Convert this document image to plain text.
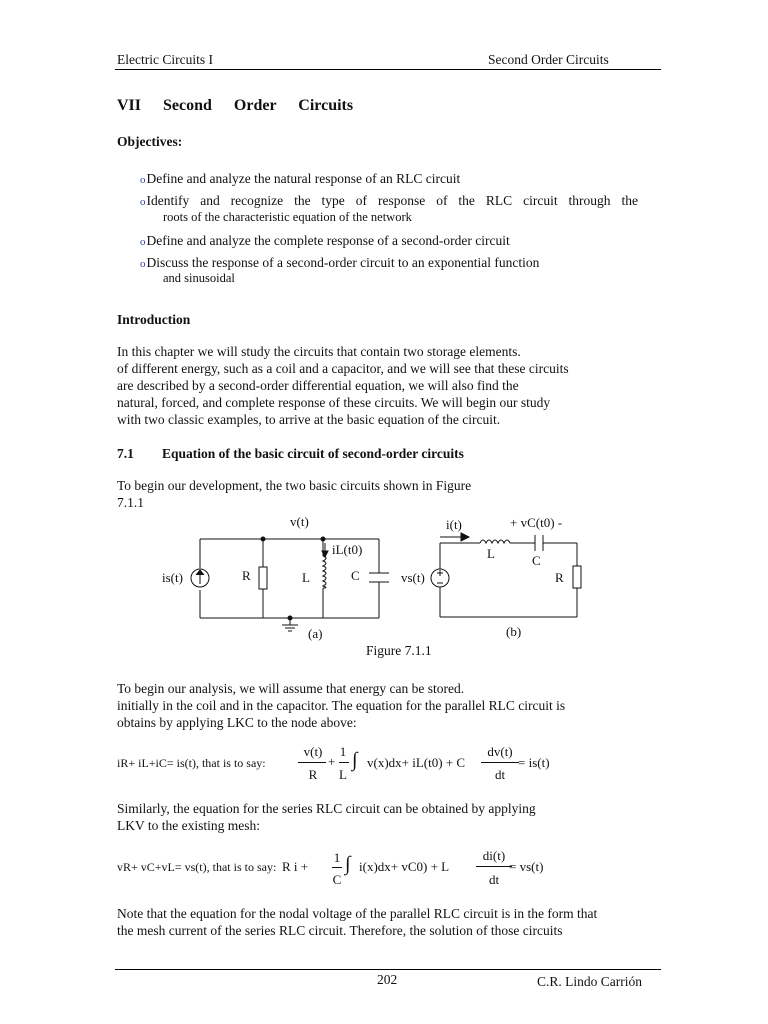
Electric Circuits I	Second Order Circuits
VII Second Order Circuits
Objectives:
oDefine and analyze the natural response of an RLC circuit
oIdentify and recognize the type of response of the RLC circuit through the
roots of the characteristic equation of the network
oDefine and analyze the complete response of a second-order circuit
oDiscuss the response of a second-order circuit to an exponential function
and sinusoidal
Introduction
In this chapter we will study the circuits that contain two storage elements.
of different energy, such as a coil and a capacitor, and we will see that these circuits
are described by a second-order differential equation, we will also find the
natural, forced, and complete response of these circuits. We will begin our study
with two classic examples, to arrive at the basic equation of the circuit.
7.1 Equation of the basic circuit of second-order circuits
To begin our development, the two basic circuits shown in Figure
7.1.1
v(t)
is(t)	R	L	C
iL(t0)
(a)
i(t)	+ vC(t0) -
L	C
R
vs(t)
(b)
Figure 7.1.1
To begin our analysis, we will assume that energy can be stored.
initially in the coil and in the capacitor. The equation for the parallel RLC circuit is
obtains by applying LKC to the node above:
iR+ iL+iC= is(t), that is to say:
v(t)
R
+
1
L
∫ v(x)dx+ iL(t0) + C
dv(t)
dt
= is(t)
Similarly, the equation for the series RLC circuit can be obtained by applying
LKV to the existing mesh:
vR+ vC+vL= vs(t), that is to say: R i +
1
C
∫ i(x)dx+ vC0) + L
di(t)
dt
= vs(t)
Note that the equation for the nodal voltage of the parallel RLC circuit is in the form that
the mesh current of the series RLC circuit. Therefore, the solution of those circuits
202	C.R. Lindo Carrión
